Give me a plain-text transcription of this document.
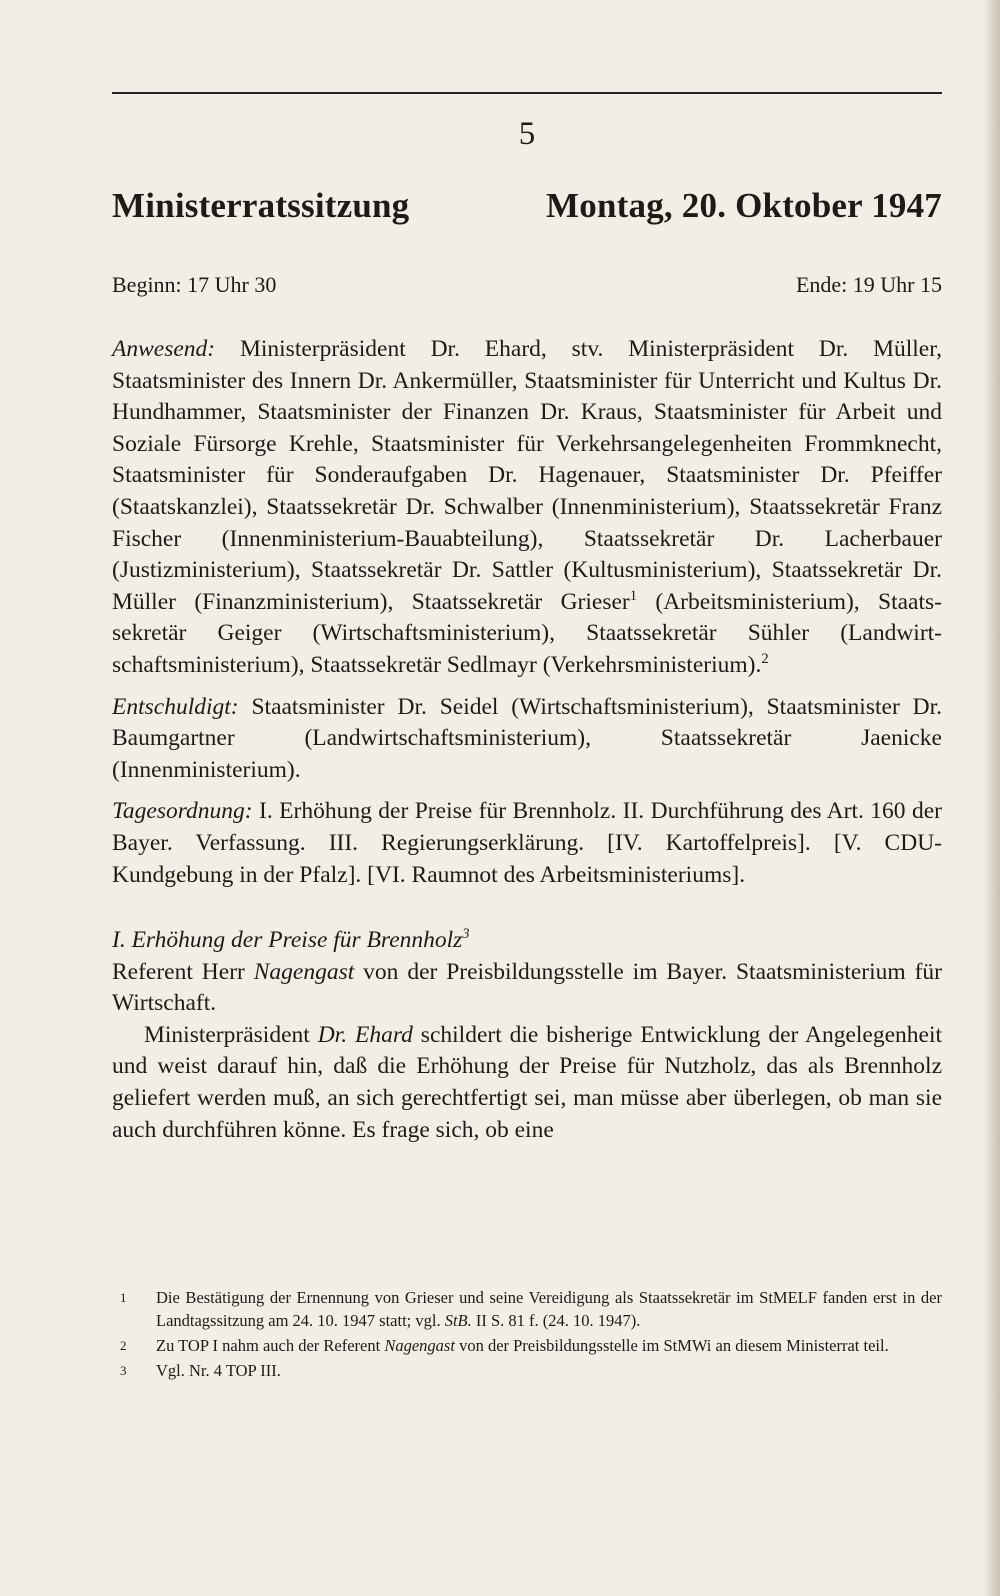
5
Ministerratssitzung	Montag, 20. Oktober 1947
Beginn: 17 Uhr 30	Ende: 19 Uhr 15

Anwesend: Ministerpräsident Dr. Ehard, stv. Ministerpräsident Dr. Müller, Staatsminister des Innern Dr. Ankermüller, Staatsminister für Unterricht und Kultus Dr. Hundhammer, Staatsminister der Finanzen Dr. Kraus, Staatsminister für Arbeit und Soziale Fürsorge Krehle, Staatsminister für Verkehrsangelegenheiten Frommknecht, Staatsminister für Sonderaufgaben Dr. Hagenauer, Staatsminister Dr. Pfeiffer (Staatskanzlei), Staatssekretär Dr. Schwalber (Innenministerium), Staatssekretär Franz Fischer (Innenministerium-Bauabteilung), Staatssekretär Dr. Lacherbauer (Justizministerium), Staatssekretär Dr. Sattler (Kultusministerium), Staatssekretär Dr. Müller (Finanzministerium), Staatssekretär Grieser$^1$ (Arbeitsministerium), Staatssekretär Geiger (Wirtschaftsministerium), Staatssekretär Sühler (Landwirtschaftsministerium), Staatssekretär Sedlmayr (Verkehrsministerium).$^2$

Entschuldigt: Staatsminister Dr. Seidel (Wirtschaftsministerium), Staatsminister Dr. Baumgartner (Landwirtschaftsministerium), Staatssekretär Jaenicke (Innenministerium).

Tagesordnung: I. Erhöhung der Preise für Brennholz. II. Durchführung des Art. 160 der Bayer. Verfassung. III. Regierungserklärung. [IV. Kartoffelpreis]. [V. CDU-Kundgebung in der Pfalz]. [VI. Raumnot des Arbeitsministeriums].

I. Erhöhung der Preise für Brennholz$^3$

Referent Herr Nagengast von der Preisbildungsstelle im Bayer. Staatsministerium für Wirtschaft.

Ministerpräsident Dr. Ehard schildert die bisherige Entwicklung der Angelegenheit und weist darauf hin, daß die Erhöhung der Preise für Nutzholz, das als Brennholz geliefert werden muß, an sich gerechtfertigt sei, man müsse aber überlegen, ob man sie auch durchführen könne. Es frage sich, ob eine

1	Die Bestätigung der Ernennung von Grieser und seine Vereidigung als Staatssekretär im StMELF fanden erst in der Landtagssitzung am 24. 10. 1947 statt; vgl. StB. II S. 81 f. (24. 10. 1947).
2	Zu TOP I nahm auch der Referent Nagengast von der Preisbildungsstelle im StMWi an diesem Ministerrat teil.
3	Vgl. Nr. 4 TOP III.
